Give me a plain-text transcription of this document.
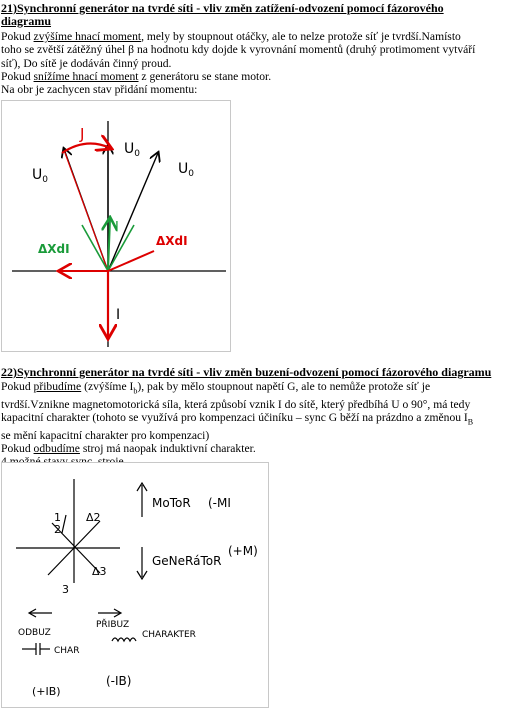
21)Synchronní generátor na tvrdé síti - vliv změn zatížení-odvození pomocí fázorového
diagramu
Pokud zvýšíme hnací moment, mely by stoupnout otáčky, ale to nelze protože síť je tvrdší.Namísto
toho se zvětší zátěžný úhel β na hodnotu kdy dojde k vyrovnání momentů (druhý protimoment vytváří
síť), Do sítě je dodáván činný proud.
Pokud snížíme hnací moment z generátoru se stane motor.
Na obr je zachycen stav přidání momentu:
J
$U_0$
$U_0$
$U_0$
I
I
ΔXdI
ΔXdI
22)Synchronní generátor na tvrdé síti - vliv změn buzení-odvození pomocí fázorového diagramu
Pokud přibudíme (zvýšíme $I_b$), pak by mělo stoupnout napětí G, ale to nemůže protože síť je
tvrdší.Vznikne magnetomotorická síla, která způsobí vznik I do sítě, který předbíhá U o 90°, má tedy
kapacitní charakter (tohoto se využívá pro kompenzaci účiníku – sync G běží na prázdno a změnou $I_B$
se mění kapacitní charakter pro kompenzaci)
Pokud odbudíme stroj má naopak induktivní charakter.
MoToR (-MI
GeNeRáToR
(+M)
1
2
3
Δ2
Δ3
ODBUZ
PŘIBUZ
CHARAKTER
CHAR
(+IB)
(-IB)
